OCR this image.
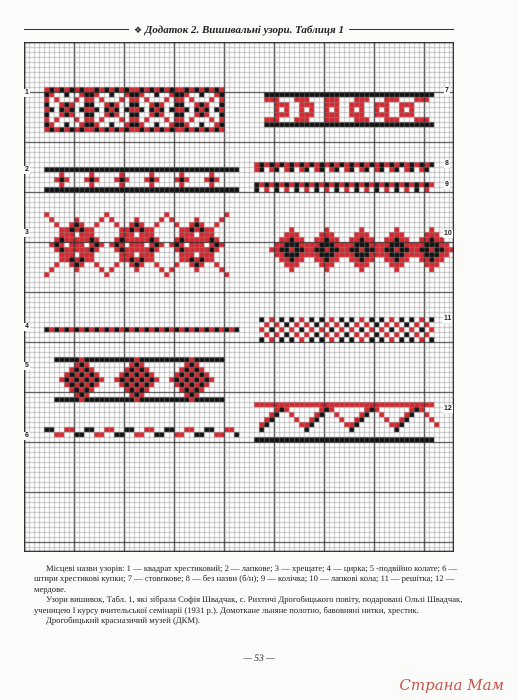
❖ Додаток 2. Вишивальні узори. Таблиця 1
1
2
3
4
5
6
7
8
9
10
11
12

Місцеві назви узорів: 1 — квадрат хрестиковий; 2 — лапкове; 3 — хрещате; 4 — цирка; 5 -подвійно колате; 6 — штири хрестикові купки; 7 — стовпкове; 8 — без назви (б/н); 9 — колічка; 10 — лапкові кола; 11 — решітка; 12 — мердове.

Узори вишивок, Табл. 1, які зібрала Софія Швадчак, с. Рихтичі Дрогобицького повіту, подаровані Ользі Швадчак, ученицею І курсу вчительської семінарії (1931 р.). Домоткане льняне полотно, бавовняні нитки, хрестик.

Дрогобицький красназичий музей (ДКМ).

— 53 —
Страна Мам
